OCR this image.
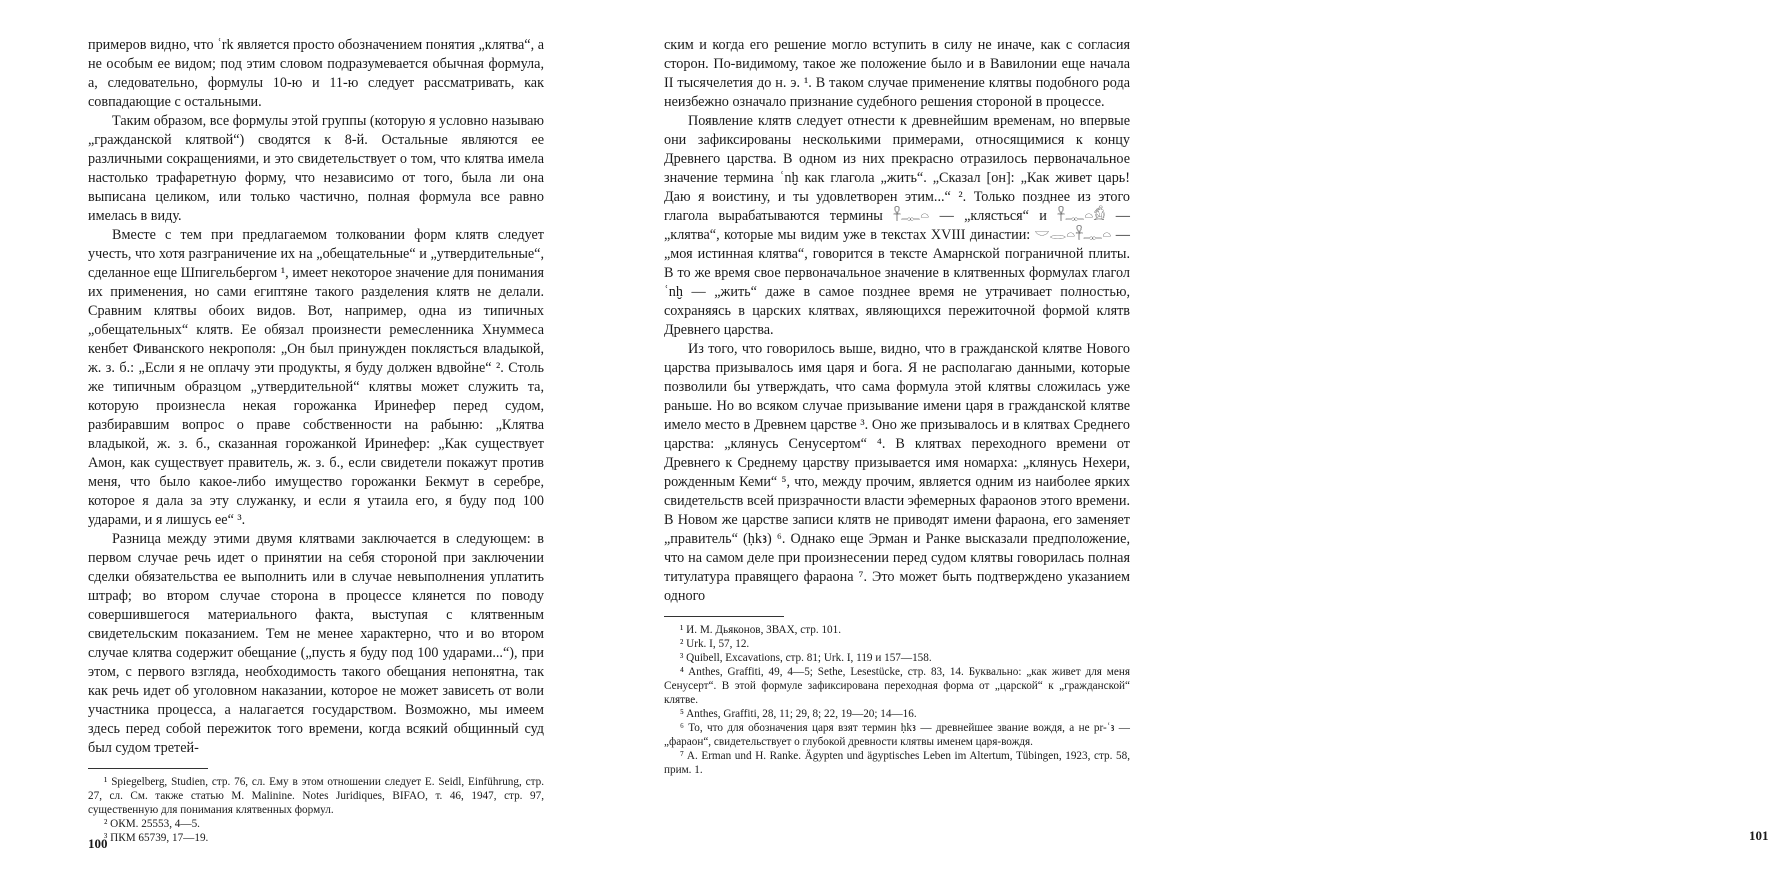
примеров видно, что ʿrk является просто обозначением понятия „клятва“, а не особым ее видом; под этим словом подразумевается обычная формула, а, следовательно, формулы 10-ю и 11-ю следует рассматривать, как совпадающие с остальными.

Таким образом, все формулы этой группы (которую я условно называю „гражданской клятвой“) сводятся к 8-й. Остальные являются ее различными сокращениями, и это свидетельствует о том, что клятва имела настолько трафаретную форму, что независимо от того, была ли она выписана целиком, или только частично, полная формула все равно имелась в виду.

Вместе с тем при предлагаемом толковании форм клятв следует учесть, что хотя разграничение их на „обещательные“ и „утвердительные“, сделанное еще Шпигельбергом ¹, имеет некоторое значение для понимания их применения, но сами египтяне такого разделения клятв не делали. Сравним клятвы обоих видов. Вот, например, одна из типичных „обещательных“ клятв. Ее обязал произнести ремесленника Хнуммеса кенбет Фиванского некрополя: „Он был принужден поклясться владыкой, ж. з. б.: „Если я не оплачу эти продукты, я буду должен вдвойне“ ². Столь же типичным образцом „утвердительной“ клятвы может служить та, которую произнесла некая горожанка Иринефер перед судом, разбиравшим вопрос о праве собственности на рабыню: „Клятва владыкой, ж. з. б., сказанная горожанкой Иринефер: „Как существует Амон, как существует правитель, ж. з. б., если свидетели покажут против меня, что было какое-либо имущество горожанки Бекмут в серебре, которое я дала за эту служанку, и если я утаила его, я буду под 100 ударами, и я лишусь ее“ ³.

Разница между этими двумя клятвами заключается в следующем: в первом случае речь идет о принятии на себя стороной при заключении сделки обязательства ее выполнить или в случае невыполнения уплатить штраф; во втором случае сторона в процессе клянется по поводу совершившегося материального факта, выступая с клятвенным свидетельским показанием. Тем не менее характерно, что и во втором случае клятва содержит обещание („пусть я буду под 100 ударами...“), при этом, с первого взгляда, необходимость такого обещания непонятна, так как речь идет об уголовном наказании, которое не может зависеть от воли участника процесса, а налагается государством. Возможно, мы имеем здесь перед собой пережиток того времени, когда всякий общинный суд был судом третей-

¹ Spiegelberg, Studien, стр. 76, сл. Ему в этом отношении следует E. Seidl, Einführung, стр. 27, сл. См. также статью M. Malinine. Notes Juridiques, BIFAO, т. 46, 1947, стр. 97, существенную для понимания клятвенных формул.

² ОКМ. 25553, 4—5.

³ ПКМ 65739, 17—19.

100

ским и когда его решение могло вступить в силу не иначе, как с согласия сторон. По-видимому, такое же положение было и в Вавилонии еще начала II тысячелетия до н. э. ¹. В таком случае применение клятвы подобного рода неизбежно означало признание судебного решения стороной в процессе.

Появление клятв следует отнести к древнейшим временам, но впервые они зафиксированы несколькими примерами, относящимися к концу Древнего царства. В одном из них прекрасно отразилось первоначальное значение термина ʿnḫ как глагола „жить“. „Сказал [он]: „Как живет царь! Даю я воистину, и ты удовлетворен этим...“ ². Только позднее из этого глагола вырабатываются термины 𓋹𓊃𓏏 — „клясться“ и 𓋹𓊃𓏏𓀁 — „клятва“, которые мы видим уже в текстах XVIII династии: 𓎟𓂋𓏏𓋹𓊃𓏏 — „моя истинная клятва“, говорится в тексте Амарнской пограничной плиты. В то же время свое первоначальное значение в клятвенных формулах глагол ʿnḫ — „жить“ даже в самое позднее время не утрачивает полностью, сохраняясь в царских клятвах, являющихся пережиточной формой клятв Древнего царства.

Из того, что говорилось выше, видно, что в гражданской клятве Нового царства призывалось имя царя и бога. Я не располагаю данными, которые позволили бы утверждать, что сама формула этой клятвы сложилась уже раньше. Но во всяком случае призывание имени царя в гражданской клятве имело место в Древнем царстве ³. Оно же призывалось и в клятвах Среднего царства: „клянусь Сенусертом“ ⁴. В клятвах переходного времени от Древнего к Среднему царству призывается имя номарха: „клянусь Нехери, рожденным Кеми“ ⁵, что, между прочим, является одним из наиболее ярких свидетельств всей призрачности власти эфемерных фараонов этого времени. В Новом же царстве записи клятв не приводят имени фараона, его заменяет „правитель“ (ḥkꜣ) ⁶. Однако еще Эрман и Ранке высказали предположение, что на самом деле при произнесении перед судом клятвы говорилась полная титулатура правящего фараона ⁷. Это может быть подтверждено указанием одного

¹ И. М. Дьяконов, ЗВАХ, стр. 101.

² Urk. I, 57, 12.

³ Quibell, Excavations, стр. 81; Urk. I, 119 и 157—158.

⁴ Anthes, Graffiti, 49, 4—5; Sethe, Lesestücke, стр. 83, 14. Буквально: „как живет для меня Сенусерт“. В этой формуле зафиксирована переходная форма от „царской“ к „гражданской“ клятве.

⁵ Anthes, Graffiti, 28, 11; 29, 8; 22, 19—20; 14—16.

⁶ То, что для обозначения царя взят термин ḥkꜣ — древнейшее звание вождя, а не pr-ʿꜣ — „фараон“, свидетельствует о глубокой древности клятвы именем царя-вождя.

⁷ A. Erman und H. Ranke. Ägypten und ägyptisches Leben im Altertum, Tübingen, 1923, стр. 58, прим. 1.

101
